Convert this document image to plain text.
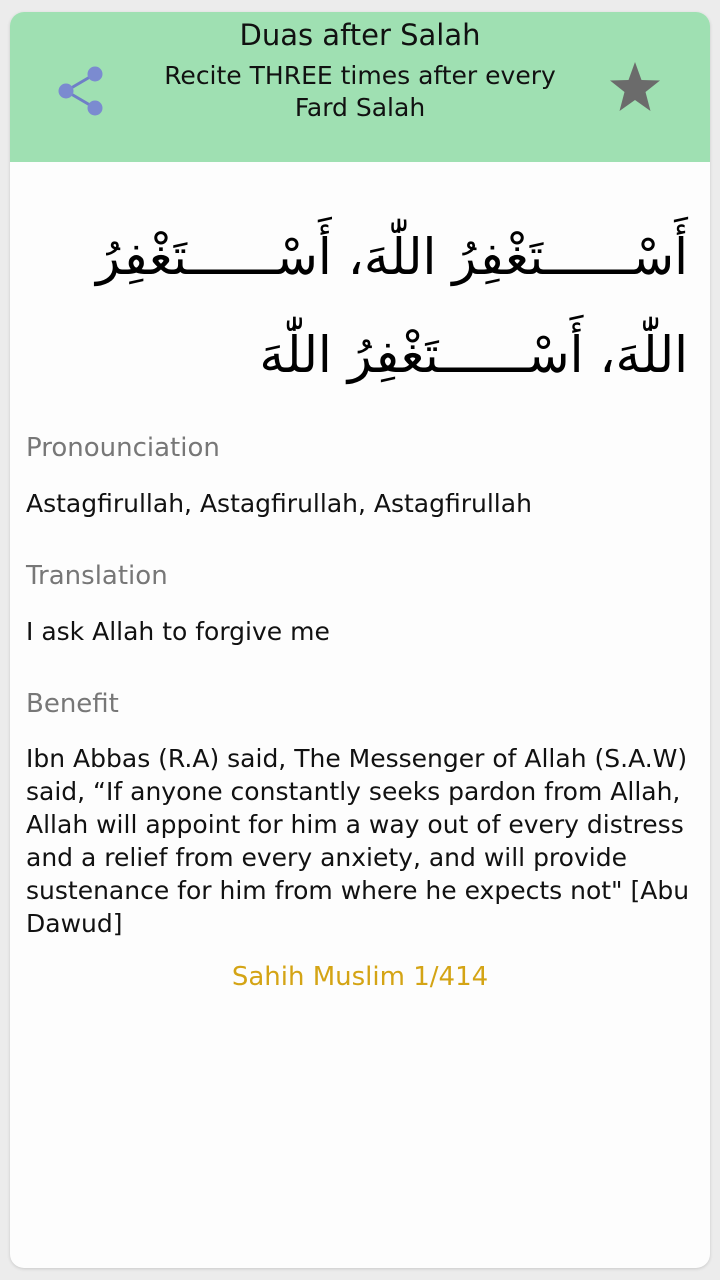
Duas after Salah
Recite THREE times after every Fard Salah
أَسْــــــتَغْفِرُ اللّٰهَ، أَسْــــــتَغْفِرُ اللّٰهَ، أَسْــــــتَغْفِرُ اللّٰهَ
Pronounciation
Astagfirullah, Astagfirullah, Astagfirullah
Translation
I ask Allah to forgive me
Benefit
Ibn Abbas (R.A) said, The Messenger of Allah (S.A.W) said, “If anyone constantly seeks pardon from Allah, Allah will appoint for him a way out of every distress and a relief from every anxiety, and will provide sustenance for him from where he expects not" [Abu Dawud]
Sahih Muslim 1/414
